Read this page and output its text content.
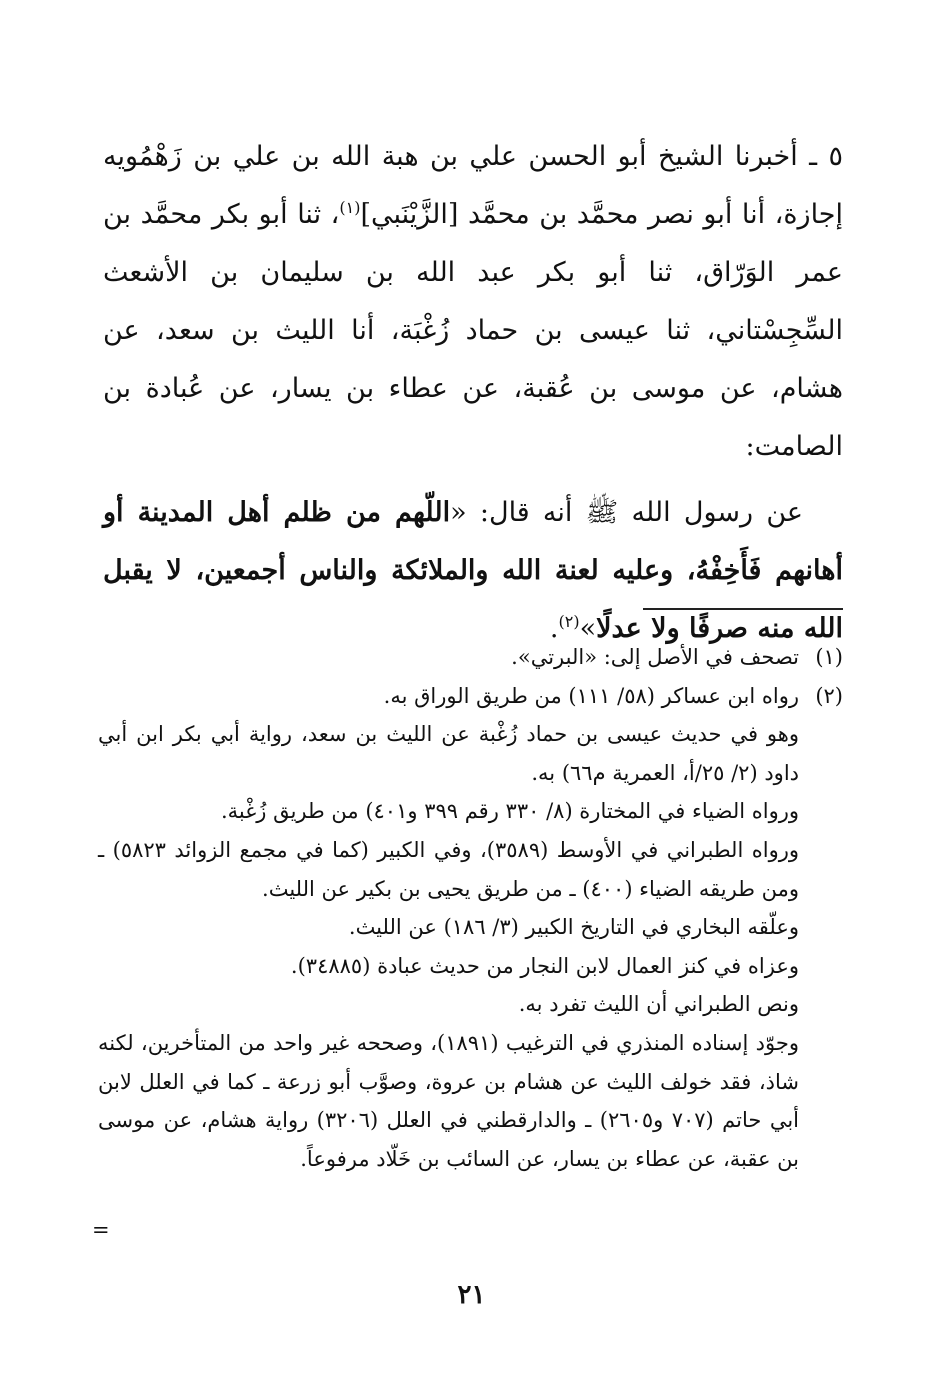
٥ ـ أخبرنا الشيخ أبو الحسن علي بن هبة الله بن علي بن زَهْمُويه إجازة، أنا أبو نصر محمَّد بن محمَّد [الزَّيْنَبي]$^{(١)}$، ثنا أبو بكر محمَّد بن عمر الوَرّاق، ثنا أبو بكر عبد الله بن سليمان بن الأشعث السِّجِسْتاني، ثنا عيسى بن حماد زُغْبَة، أنا الليث بن سعد، عن هشام، عن موسى بن عُقبة، عن عطاء بن يسار، عن عُبادة بن الصامت:

عن رسول الله ﷺ أنه قال: «اللّهم من ظلم أهل المدينة أو أهانهم فَأَخِفْهُ، وعليه لعنة الله والملائكة والناس أجمعين، لا يقبل الله منه صرفًا ولا عدلًا»$^{(٢)}$.

(١)تصحف في الأصل إلى: «البرتي».

(٢)رواه ابن عساكر (٥٨/ ١١١) من طريق الوراق به.

وهو في حديث عيسى بن حماد زُغْبة عن الليث بن سعد، رواية أبي بكر ابن أبي داود (٢/ ٢٥/أ، العمرية م٦٦) به.

ورواه الضياء في المختارة (٨/ ٣٣٠ رقم ٣٩٩ و٤٠١) من طريق زُغْبة.

ورواه الطبراني في الأوسط (٣٥٨٩)، وفي الكبير (كما في مجمع الزوائد ٥٨٢٣) ـ ومن طريقه الضياء (٤٠٠) ـ من طريق يحيى بن بكير عن الليث.

وعلّقه البخاري في التاريخ الكبير (٣/ ١٨٦) عن الليث.

وعزاه في كنز العمال لابن النجار من حديث عبادة (٣٤٨٨٥).

ونص الطبراني أن الليث تفرد به.

وجوّد إسناده المنذري في الترغيب (١٨٩١)، وصححه غير واحد من المتأخرين، لكنه شاذ، فقد خولف الليث عن هشام بن عروة، وصوَّب أبو زرعة ـ كما في العلل لابن أبي حاتم (٧٠٧ و٢٦٠٥) ـ والدارقطني في العلل (٣٢٠٦) رواية هشام، عن موسى بن عقبة، عن عطاء بن يسار، عن السائب بن خَلّاد مرفوعاً.

=
٢١
